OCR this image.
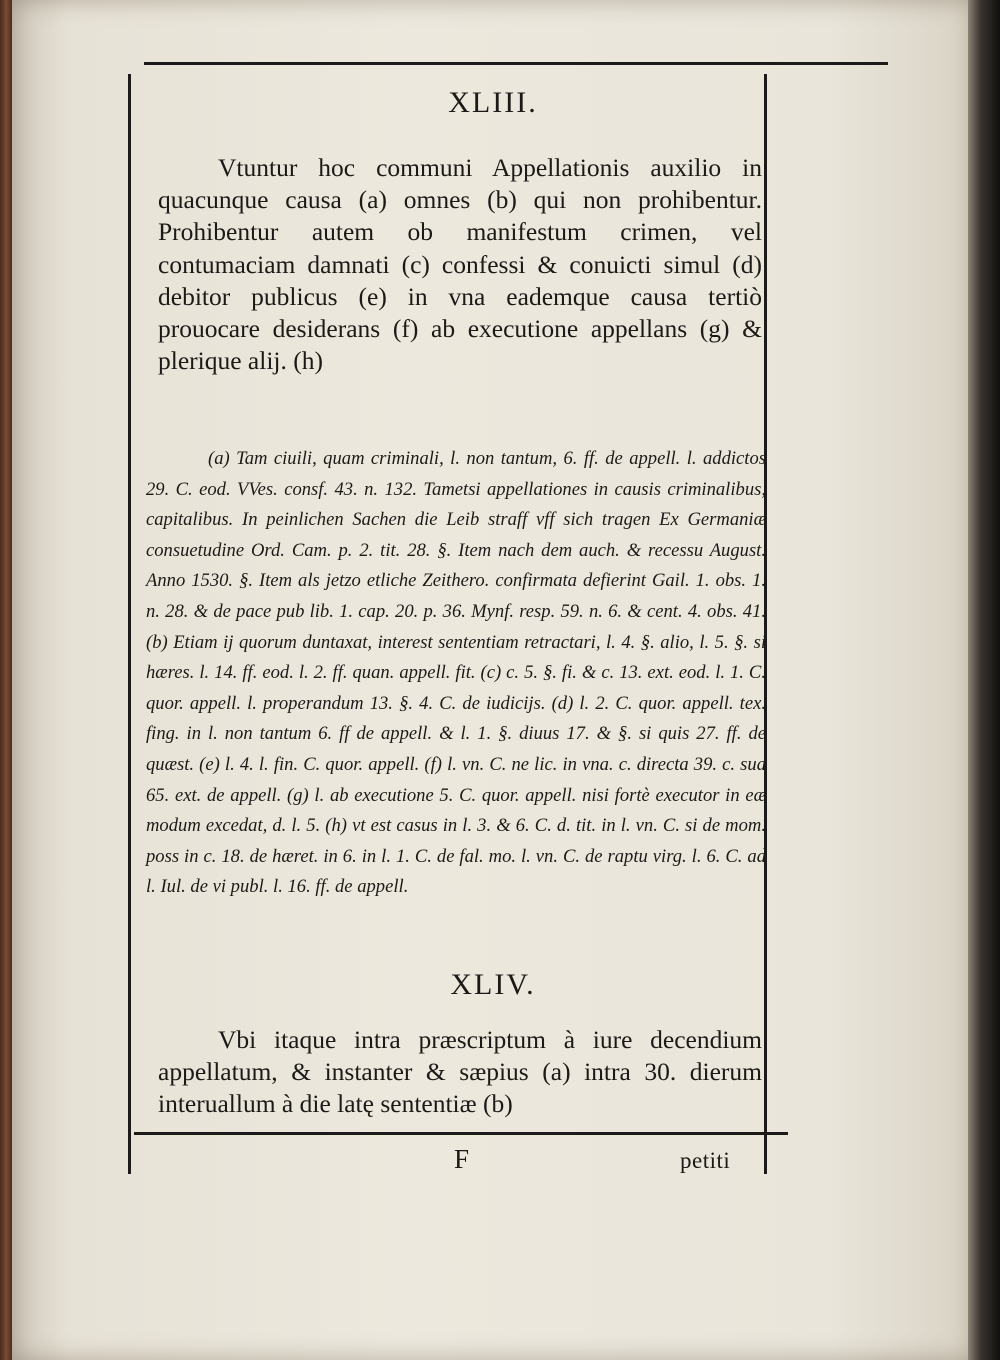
XLIII.
Vtuntur hoc communi Appellationis auxilio in quacunque causa (a) omnes (b) qui non prohibentur. Prohibentur autem ob manifestum crimen, vel contumaciam damnati (c) confessi & conuicti simul (d) debitor publicus (e) in vna eademque causa tertiò prouocare desiderans (f) ab executione appellans (g) & plerique alij. (h)
(a) Tam ciuili, quam criminali, l. non tantum, 6. ff. de appell. l. addictos 29. C. eod. VVes. consf. 43. n. 132. Tametsi appellationes in causis criminalibus, capitalibus. In peinlichen Sachen die Leib straff vff sich tragen Ex Germaniæ consuetudine Ord. Cam. p. 2. tit. 28. §. Item nach dem auch. & recessu August. Anno 1530. §. Item als jetzo etliche Zeithero. confirmata defierint Gail. 1. obs. 1. n. 28. & de pace pub lib. 1. cap. 20. p. 36. Mynf. resp. 59. n. 6. & cent. 4. obs. 41. (b) Etiam ij quorum duntaxat, interest sententiam retractari, l. 4. §. alio, l. 5. §. si hæres. l. 14. ff. eod. l. 2. ff. quan. appell. fit. (c) c. 5. §. fi. & c. 13. ext. eod. l. 1. C. quor. appell. l. properandum 13. §. 4. C. de iudicijs. (d) l. 2. C. quor. appell. tex. fing. in l. non tantum 6. ff de appell. & l. 1. §. diuus 17. & §. si quis 27. ff. de quæst. (e) l. 4. l. fin. C. quor. appell. (f) l. vn. C. ne lic. in vna. c. directa 39. c. sua 65. ext. de appell. (g) l. ab executione 5. C. quor. appell. nisi fortè executor in eæ modum excedat, d. l. 5. (h) vt est casus in l. 3. & 6. C. d. tit. in l. vn. C. si de mom. poss in c. 18. de hæret. in 6. in l. 1. C. de fal. mo. l. vn. C. de raptu virg. l. 6. C. ad l. Iul. de vi publ. l. 16. ff. de appell.
XLIV.
Vbi itaque intra præscriptum à iure decendium appellatum, & instanter & sæpius (a) intra 30. dierum interuallum à die latę sententiæ (b)
F	petiti
